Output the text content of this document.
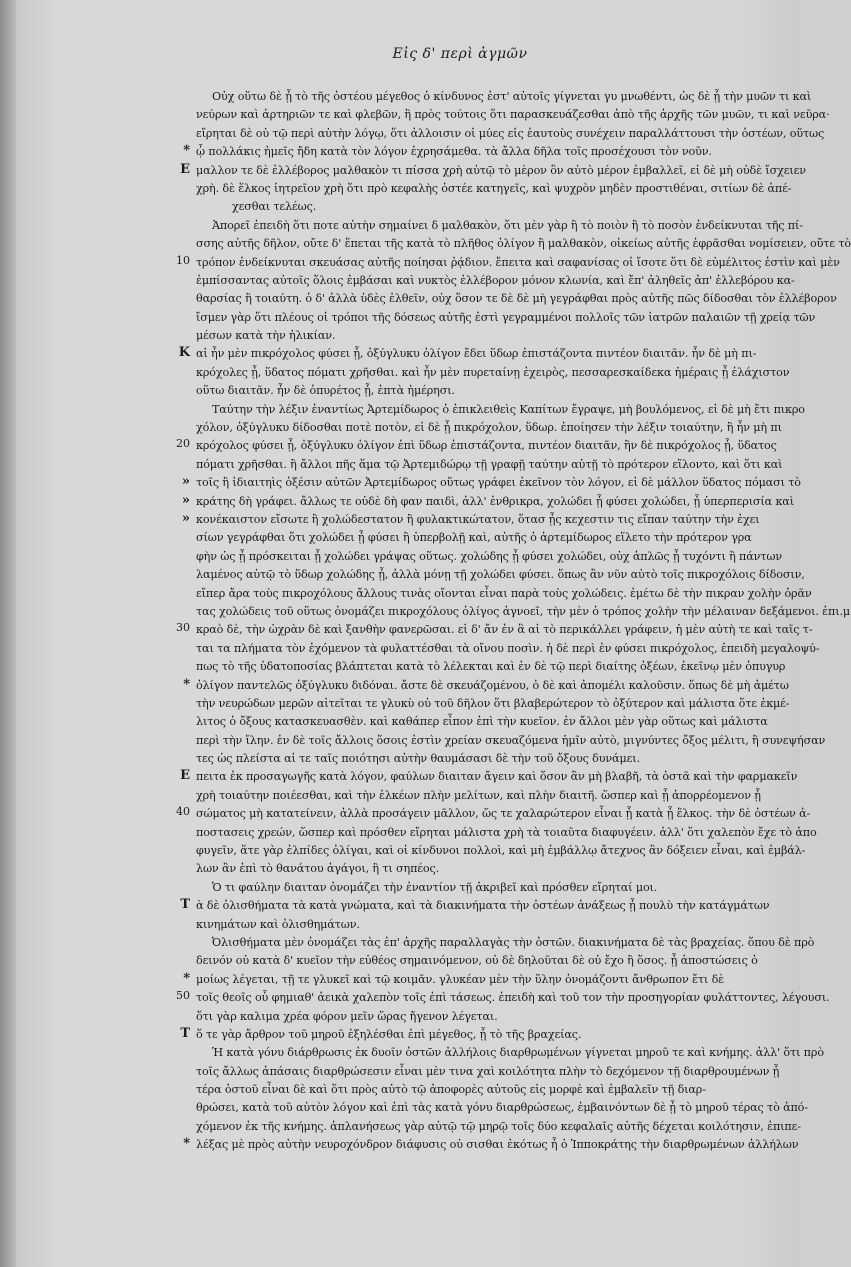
Εἰς δ' περὶ ἀγμῶν
Οὐχ οὕτω δὲ ᾗ τὸ τῆς ὀστέου μέγεθος ὁ κίνδυνος ἐστ' αὐτοῖς γίγνεται γυ μνωθέντι, ὡς δὲ ᾗ τὴν μυῶν τι καὶ
νεύρων καὶ ἀρτηριῶν τε καὶ φλεβῶν, ἢ πρὸς τούτοις ὅτι παρασκευάζεσθαι ἀπὸ τῆς ἀρχῆς τῶν μυῶν, τι καὶ νεῦρα·
εἴρηται δὲ οὐ τῷ περὶ αὐτὴν λόγῳ, ὅτι ἀλλοισιν οἱ μύες εἰς ἑαυτοὺς συνέχειν παραλλάττουσι τὴν ὀστέων, οὕτως
* ᾧ πολλάκις ἡμεῖς ἤδη κατὰ τὸν λόγον ἐχρησάμεθα. τὰ ἄλλα δῆλα τοῖς προσέχουσι τὸν νοῦν.
Ε μαλλον τε δὲ ἐλλέβορος μαλθακὸν τι πίσσα χρὴ αὐτῷ τὸ μὲρον ὃν αὐτὸ μέρον ἐμβαλλεῖ, εἰ δὲ μὴ οὐδὲ ἴσχειεν
χρὴ. δὲ ἕλκος ἰητρεῖον χρὴ ὅτι πρὸ κεφαλὴς ὀστέε κατηγεῖς, καὶ ψυχρὸν μηδὲν προστιθέναι, σιτίων δὲ ἀπέ-
χεσθαι τελέως.
Ἀπορεῖ ἐπειδὴ ὅτι ποτε αὐτὴν σημαίνει δ μαλθακὸν, ὅτι μὲν γὰρ ἢ τὸ ποιὸν ἢ τὸ ποσὸν ἐνδείκνυται τῆς πί-
σσης αὐτῆς δῆλον, οὔτε δ' ἕπεται τῆς κατὰ τὸ πλῆθος ὀλίγον ἢ μαλθακὸν, οἰκείως αὐτῆς ἐφρᾶσθαι νομίσειεν, οὔτε τὸ
10 τρόπον ἐνδείκνυται σκευάσας αὐτῆς ποίησαι ῥᾴδιον. ἔπειτα καὶ σαφανίσας οἱ ἴσοτε ὅτι δὲ εὐμέλιτος ἐστὶν καὶ μὲν
ἐμπίσσαντας αὐτοῖς ὅλοις ἐμβάσαι καὶ νυκτὸς ἐλλέβορον μόνον κλωνία, καὶ ἔπ' ἀληθεῖς ἀπ' ἐλλεβόρου κα-
θαρσίας ἢ τοιαύτη. ὁ δ' ἀλλὰ ὑδὲς ἐλθεῖν, οὐχ ὅσον τε δὲ δὲ μὴ γεγράφθαι πρὸς αὐτῆς πῶς δίδοσθαι τὸν ἐλλέβορον
ἴσμεν γὰρ ὅτι πλέους οἱ τρόποι τῆς δόσεως αὐτῆς ἐστὶ γεγραμμένοι πολλοῖς τῶν ἰατρῶν παλαιῶν τῇ χρείᾳ τῶν
μέσων κατὰ τὴν ἡλικίαν.
Κ αἱ ἦν μὲν πικρόχολος φύσει ᾖ, ὀξύγλυκυ ὀλίγον ἔδει ὕδωρ ἐπιστάζοντα πιντέον διαιτᾶν. ἦν δὲ μὴ πι-
κρόχολες ᾖ, ὕδατος πόματι χρῆσθαι. καὶ ἦν μὲν πυρεταίνῃ ἐχειρὸς, πεσσαρεσκαίδεκα ἡμέραις ᾖ ἐλάχιστον
οὕτω διαιτᾶν. ἦν δὲ ὀπυρέτος ᾖ, ἐπτὰ ἡμέρησι.
Ταύτην τὴν λέξιν ἐναντίως Ἀρτεμίδωρος ὁ ἐπικλειθεὶς Καπίτων ἔγραψε, μὴ βουλόμενος, εἰ δὲ μὴ ἔτι πικρο
χόλον, ὀξύγλυκυ δίδοσθαι ποτὲ ποτὸν, εἰ δὲ ᾗ πικρόχολον, ὕδωρ. ἐποίησεν τὴν λέξιν τοιαύτην, ἢ ἦν μὴ πι
20 κρόχολος φύσει ᾖ, ὀξύγλυκυ ὀλίγον ἐπὶ ὕδωρ ἐπιστάζοντα, πιντέον διαιτᾶν, ἢν δὲ πικρόχολος ᾖ, ὕδατος
πόματι χρῆσθαι. ἢ ἄλλοι πῆς ἅμα τῷ Ἀρτεμιδώρῳ τῇ γραφῇ ταύτην αὐτῇ τὸ πρότερον εἵλοντο, καὶ ὅτι καὶ
» τοῖς ἢ ἰδιαιτηὶς ὀξέσιν αὐτῶν Ἀρτεμίδωρος οὕτως γράφει ἐκεῖνον τὸν λόγον, εἰ δὲ μάλλον ὕδατος πόμασι τὸ
» κράτης δὴ γράφει. ἄλλως τε οὐδὲ δὴ φαν παιδὶ, ἀλλ' ἐνθρικρα, χολώδει ᾖ φύσει χολώδει, ᾗ ὑπερπερισία καὶ
» κονέκαιστον εἴσωτε ἢ χολώδεστατον ἢ φυλακτικώτατον, ὅτασ ᾖς κεχεστιν τις εἴπαν ταύτην τὴν ἐχει
σίων γεγράφθαι ὅτι χολώδει ᾗ φύσει ἢ ὑπερβολῇ καὶ, αὐτῆς ὁ ἀρτεμίδωρος εἵλετο τὴν πρότερον γρα
φὴν ὡς ᾗ πρόσκειται ᾗ χολώδει γράψας οὕτως. χολώδης ᾗ φύσει χολώδει, οὐχ ἁπλῶς ᾗ τυχόντι ἢ πάντων
λαμένος αὐτῷ τὸ ὕδωρ χολώδης ᾗ, ἀλλὰ μόνῃ τῇ χολώδει φύσει. ὅπως ἂν νῦν αὐτὸ τοῖς πικροχόλοις δίδοσιν,
εἴπερ ἄρα τοὺς πικροχόλους ἄλλους τινὰς οἴονται εἶναι παρὰ τοὺς χολώδεις. ἐμέτω δὲ τὴν πικραν χολὴν ὁρᾶν
τας χολώδεις τοῦ οὕτως ὀνομάζει πικροχόλους ὀλίγος ἀγνοεῖ, τὴν μὲν ὁ τρόπος χολὴν τὴν μέλαιναν δεξάμενοι. ἐπι.μ
30 κραὸ δὲ, τὴν ὠχρὰν δὲ καὶ ξανθὴν φανερῶσαι. εἰ δ' ἄν ἐν ἃ αἱ τὸ περικάλλει γράφειν, ἡ μὲν αὐτὴ τε καὶ ταῖς τ-
ται τα πλήματα τὸν ἐχόμενον τὰ φυλαττέσθαι τὰ οἴνου ποσὶν. ἡ δὲ περὶ ἐν φύσει πικρόχολος, ἐπειδὴ μεγαλοψύ-
πως τὸ τῆς ὑδατοποσίας βλάπτεται κατὰ τὸ λέλεκται καὶ ἐν δὲ τῷ περὶ διαίτης ὀξέων, ἐκεῖνῳ μὲν ὀπυγυρ
* ὀλίγον παντελῶς ὀξύγλυκυ διδόναι. ἄστε δὲ σκευάζομένου, ὁ δὲ καὶ ἀπομέλι καλοῦσιν. ὅπως δὲ μὴ ἀμέτω
τὴν νευρώδων μερῶν αἰτεῖται τε γλυκὺ οὐ τοῦ δῆλον ὅτι βλαβερώτερον τὸ ὀξύτερον καὶ μάλιστα ὅτε ἐκμέ-
λιτος ὁ ὄξους κατασκευασθὲν. καὶ καθάπερ εἶπον ἐπὶ τὴν κυεῖον. ἐν ἄλλοι μὲν γὰρ οὕτως καὶ μάλιστα
περὶ τὴν ἴλην. ἐν δὲ τοῖς ἄλλοις ὅσοις ἐστὶν χρείαν σκευαζόμενα ἡμῖν αὐτὸ, μιγνύντες ὄξος μέλιτι, ἢ συνεψήσαν
τες ὡς πλείστα αἱ τε ταῖς ποιότησι αὐτὴν θαυμάσασι δὲ τὴν τοῦ ὄξους δυνάμει.
Ε πειτα ἐκ προσαγωγῆς κατὰ λόγον, φαύλων διαιταν ἄγειν καὶ ὅσον ἂν μὴ βλαβῆ, τὰ ὀστᾶ καὶ τὴν φαρμακεῖν
χρὴ τοιαύτην ποιέεσθαι, καὶ τὴν ἑλκέων πλὴν μελίτων, καὶ πλὴν διαιτῆ. ὥσπερ καὶ ᾗ ἀπορρέομενον ᾗ
40 σώματος μὴ κατατείνειν, ἀλλὰ προσάγειν μᾶλλον, ὥς τε χαλαρώτερον εἶναι ᾗ κατὰ ᾗ ἕλκος. τὴν δὲ ὀστέων ἀ-
ποστασεις χρεών, ὥσπερ καὶ πρόσθεν εἴρηται μάλιστα χρὴ τὰ τοιαῦτα διαφυγέειν. ἀλλ' ὅτι χαλεπὸν ἔχε τὸ ἀπο
φυγεῖν, ἅτε γὰρ ἐλπίδες ὀλίγαι, καὶ οἱ κίνδυνοι πολλοὶ, καὶ μὴ ἐμβάλλῳ ἄτεχνος ἂν δόξειεν εἶναι, καὶ ἐμβάλ-
λων ἂν ἐπὶ τὸ θανάτου ἀγάγοι, ἢ τι σηπέος.
Ὁ τι φαύλην διαιταν ὀνομάζει τὴν ἐναντίον τῇ ἀκριβεῖ καὶ πρόσθεν εἴρηταί μοι.
Τ ὰ δὲ ὀλισθήματα τὰ κατὰ γνώματα, καὶ τὰ διακινήματα τὴν ὀστέων ἀνάξεως ᾗ πουλὺ τὴν κατάγμάτων
κινημάτων καὶ ὀλισθημάτων.
Ὀλισθήματα μὲν ὀνομάζει τὰς ἐπ' ἀρχῆς παραλλαγὰς τὴν ὀστῶν. διακινήματα δὲ τὰς βραχείας. ὅπου δὲ πρὸ
δεινόν οὐ κατὰ δ' κυεῖον τὴν εὐθέος σημαινόμενον, οὐ δὲ δηλοῦται δὲ οὐ ἔχο ἢ ὅσος. ᾗ ἀποστώσεις ὁ
* μοίως λέγεται, τῇ τε γλυκεῖ καὶ τῷ κοιμᾶν. γλυκέαν μὲν τὴν ὕλην ὀνομάζοντι ἄνθρωπον ἔτι δὲ
50 τοῖς θεοῖς οὖ φημιαθ' ἀεικὰ χαλεπὸν τοῖς ἐπὶ τάσεως. ἐπειδὴ καὶ τοῦ τον τὴν προσηγορίαν φυλάττοντες, λέγουσι.
ὅτι γὰρ καλιμα χρέα φόρον μεῖν ὥρας ἤγενον λέγεται.
Τ ὅ τε γὰρ ἄρθρον τοῦ μηροῦ ἐξηλέσθαι ἐπὶ μέγεθος, ᾗ τὸ τῆς βραχείας.
Ἡ κατὰ γόνυ διάρθρωσις ἐκ δυοῖν ὀστῶν ἀλλήλοις διαρθρωμένων γίγνεται μηροῦ τε καὶ κνήμης. ἀλλ' ὅτι πρὸ
τοῖς ἄλλως ἀπάσαις διαρθρώσεσιν εἶναι μὲν τινα χαὶ κοιλότητα πλὴν τὸ δεχόμενον τῇ διαρθρουμένων ᾗ
τέρα ὀστοῦ εἶναι δὲ καὶ ὅτι πρὸς αὐτὸ τῷ ἀποφορὲς αὐτοῦς εἰς μορφὲ καὶ ἐμβαλεῖν τῇ διαρ-
θρώσει, κατὰ τοῦ αὐτὸν λόγον καὶ ἐπὶ τὰς κατὰ γόνυ διαρθρώσεως, ἐμβαινόντων δὲ ᾗ τὸ μηροῦ τέρας τὸ ἀπό-
χόμενον ἐκ τῆς κνήμης. ἀπλανήσεως γὰρ αὐτῷ τῷ μηρῷ τοῖς δύο κεφαλαῖς αὐτῆς δέχεται κοιλότησιν, ἐπιπε-
* λέξας μὲ πρὸς αὐτὴν νευροχόνδρον διάφυσις οὐ σισθαι ἐκότως ἦ ὁ Ἱπποκράτης τὴν διαρθρωμένων ἀλλήλων
